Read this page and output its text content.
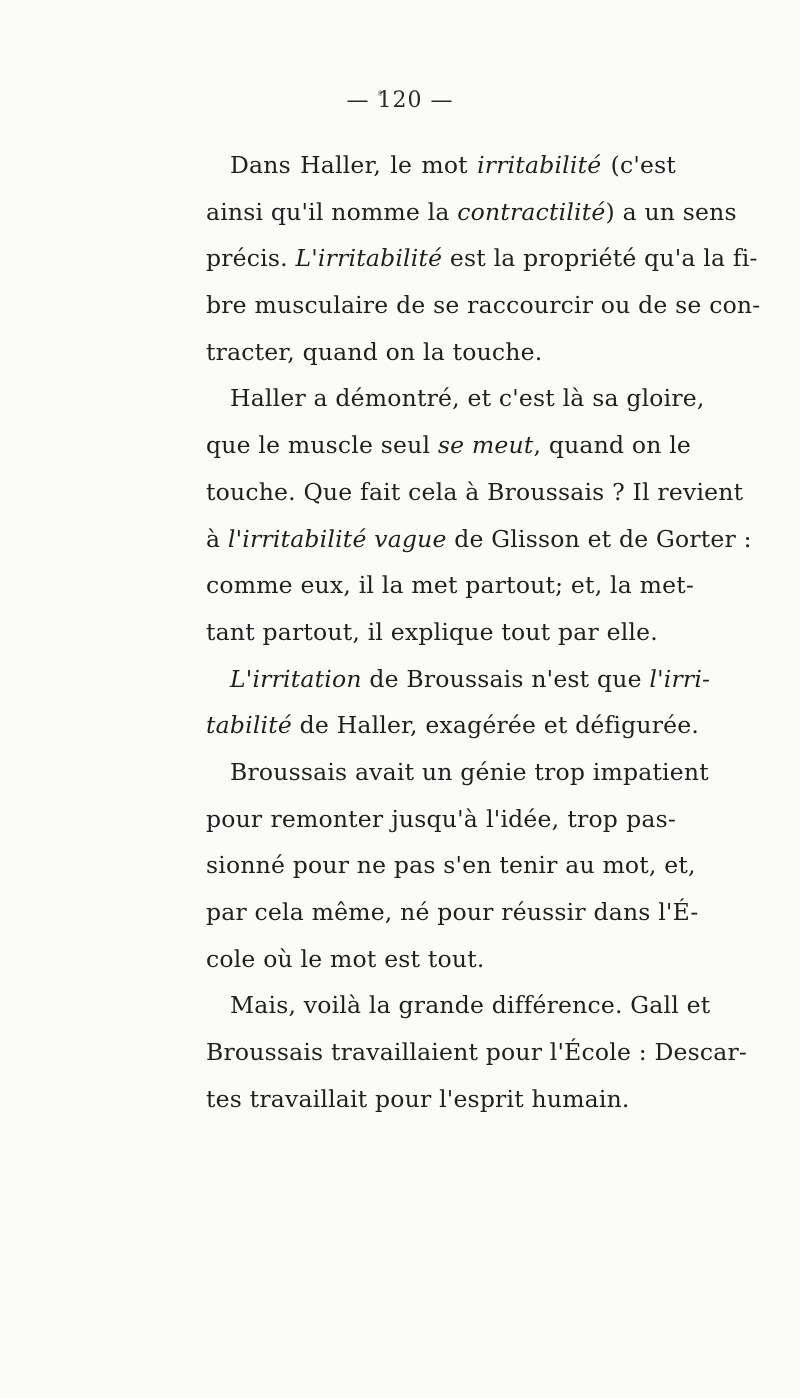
— 120 —
Dans Haller, le mot irritabilité (c'est
ainsi qu'il nomme la contractilité) a un sens
précis. L'irritabilité est la propriété qu'a la fi-
bre musculaire de se raccourcir ou de se con-
tracter, quand on la touche.
Haller a démontré, et c'est là sa gloire,
que le muscle seul se meut, quand on le
touche. Que fait cela à Broussais ? Il revient
à l'irritabilité vague de Glisson et de Gorter :
comme eux, il la met partout; et, la met-
tant partout, il explique tout par elle.
L'irritation de Broussais n'est que l'irri-
tabilité de Haller, exagérée et défigurée.
Broussais avait un génie trop impatient
pour remonter jusqu'à l'idée, trop pas-
sionné pour ne pas s'en tenir au mot, et,
par cela même, né pour réussir dans l'É-
cole où le mot est tout.
Mais, voilà la grande différence. Gall et
Broussais travaillaient pour l'École : Descar-
tes travaillait pour l'esprit humain.
